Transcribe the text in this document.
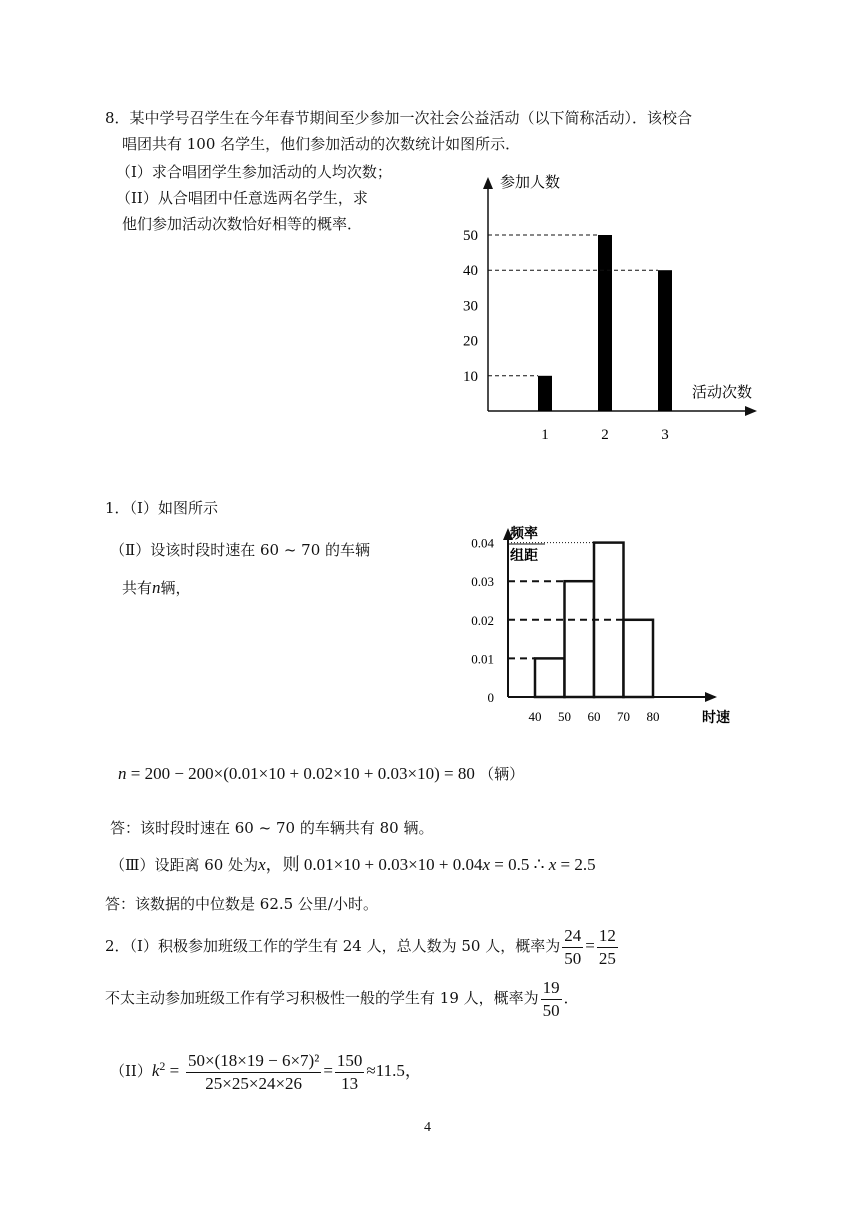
8．某中学号召学生在今年春节期间至少参加一次社会公益活动（以下简称活动）．该校合
唱团共有 100 名学生，他们参加活动的次数统计如图所示．
（I）求合唱团学生参加活动的人均次数；
（II）从合唱团中任意选两名学生，求
他们参加活动次数恰好相等的概率．
10
20
30
40
50
1	2	3
参加人数
活动次数
1．（Ⅰ）如图所示
（Ⅱ）设该时段时速在 60 ~ 70 的车辆
共有n辆，
0
0.01
0.02
0.03
0.04
40 50 60 70 80
频率
组距
时速
n = 200 − 200×(0.01×10 + 0.02×10 + 0.03×10) = 80 （辆）
答：该时段时速在 60 ~ 70 的车辆共有 80 辆。
（Ⅲ）设距离 60 处为x，则 0.01×10 + 0.03×10 + 0.04x = 0.5 ∴ x = 2.5
答：该数据的中位数是 62.5 公里/小时。
2．（I）积极参加班级工作的学生有 24 人，总人数为 50 人，概率为 $\frac{24}{50} = \frac{12}{25}$
不太主动参加班级工作有学习积极性一般的学生有 19 人，概率为 $\frac{19}{50}$ ．
$(II)k^2 = \frac{\text{50×(18×19 − 6×7)²}}{25\times 25\times 24\times 26} = \frac{150}{13} \approx 11.5$，
4
